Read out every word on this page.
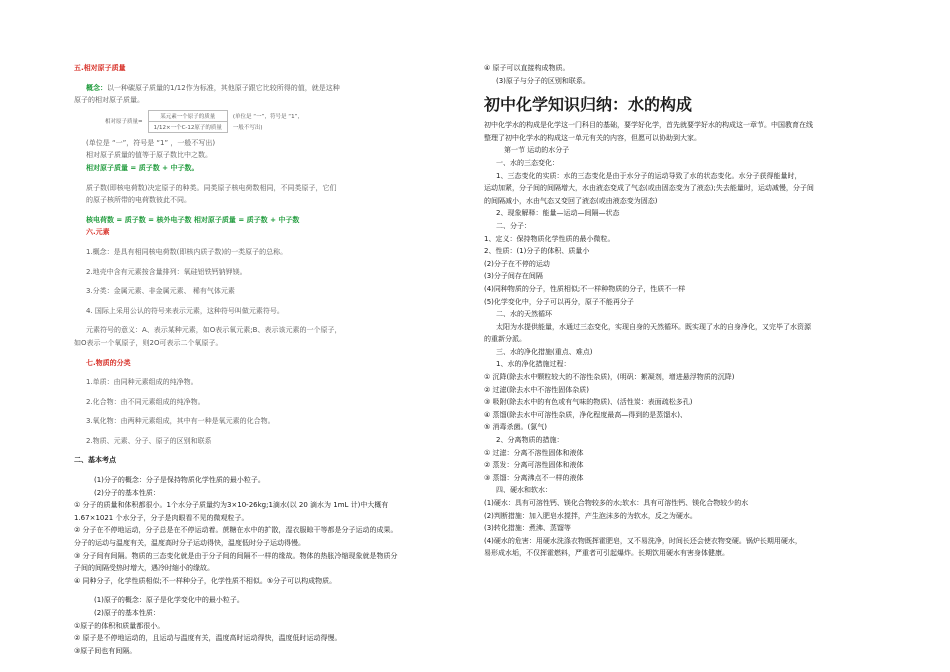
五.相对原子质量

概念：以一种碳原子质量的1/12作为标准，其他原子跟它比较所得的值，就是这种

原子的相对原子质量。

相对原子质量=	某元素一个原子的质量	(单位是 “一”，符号是 “1”，
	1/12×一个C-12原子的质量	一般不写出)

(单位是 “一”，符号是 “1” ，一般不写出)

相对原子质量的值等于原子数比中之数。

相对原子质量 = 质子数 + 中子数。

质子数(即核电荷数)决定原子的种类。同类原子核电荷数相同，不同类原子，它们

的原子核所带的电荷数彼此不同。

核电荷数 = 质子数 = 核外电子数 相对原子质量 = 质子数 + 中子数

六.元素

1.概念：是具有相同核电荷数(即核内质子数)的一类原子的总称。

2.地壳中含有元素按含量排列：氧硅铝铁钙钠钾镁。

3.分类：金属元素、非金属元素、 稀有气体元素

4. 国际上采用公认的符号来表示元素，这种符号叫做元素符号。

元素符号的意义：A、表示某种元素，如O表示氧元素;B、表示该元素的一个原子，

如O表示一个氧原子，则2O可表示二个氧原子。

七.物质的分类

1.单质：由同种元素组成的纯净物。

2.化合物：由不同元素组成的纯净物。

3.氧化物：由两种元素组成，其中有一种是氧元素的化合物。

2.物质、元素、分子、原子的区别和联系

二、基本考点

(1)分子的概念：分子是保持物质化学性质的最小粒子。

(2)分子的基本性质：

① 分子的质量和体积都很小。1个水分子质量约为3×10-26kg;1滴水(以 20 滴水为 1mL 计)中大概有

1.67×1021 个水分子，分子是肉眼看不见的微观粒子。

② 分子在不停地运动，分子总是在不停运动着。蔗糖在水中的扩散，湿衣服晾干等都是分子运动的成果。

分子的运动与温度有关，温度高时分子运动得快，温度低时分子运动得慢。

③ 分子间有间隔。物质的三态变化就是由于分子间的间隔不一样的缘故。物体的热胀冷缩现象就是物质分

子间的间隔受热时增大，遇冷时缩小的缘故。

④ 同种分子，化学性质相似;不一样种分子，化学性质不相似。⑤分子可以构成物质。

(1)原子的概念：原子是化学变化中的最小粒子。

(2)原子的基本性质：

①原子的体积和质量都很小。

② 原子是不停地运动的，且运动与温度有关，温度高时运动得快，温度低时运动得慢。

③原子间也有间隔。

④ 原子可以直接构成物质。

(3)原子与分子的区别和联系。

初中化学知识归纳：水的构成

初中化学水的构成是化学这一门科目的基础，要学好化学，首先就要学好水的构成这一章节。中国教育在线

整理了初中化学水的构成这一单元有关的内容，但愿可以协助到大家。

第一节 运动的水分子

一、水的三态变化：

1、三态变化的实质：水的三态变化是由于水分子的运动导致了水的状态变化。水分子获得能量时，

运动加紧，分子间的间隔增大，水由液态变成了气态(或由固态变为了液态);失去能量时，运动减慢，分子间

的间隔减小，水由气态又变回了液态(或由液态变为固态)

2、现象解释：能量—运动—间隔—状态

二、分子：

1、定义：保持物质化学性质的最小微粒。

2、性质：(1)分子的体积、质量小

(2)分子在不停的运动

(3)分子间存在间隔

(4)同种物质的分子，性质相似;不一样种物质的分子，性质不一样

(5)化学变化中，分子可以再分，原子不能再分子

二、水的天然循环

太阳为水提供能量，水通过三态变化，实现自身的天然循环。既实现了水的自身净化，又完毕了水资源

的重新分派。

三、水的净化措施(重点、难点)

1、水的净化措施过程：

① 沉降(除去水中颗粒较大的不溶性杂质)，(明矾：絮凝剂，增进悬浮物质的沉降)

② 过滤(除去水中不溶性固体杂质)

③ 吸附(除去水中的有色或有气味的物质)、(活性炭：表面疏松多孔)

④ 蒸馏(除去水中可溶性杂质，净化程度最高—得到的是蒸馏水)、

⑤ 消毒杀菌。(氯气)

2、分离物质的措施：

① 过滤：分离不溶性固体和液体

② 蒸发：分离可溶性固体和液体

③ 蒸馏：分离沸点不一样的液体

四、硬水和软水：

(1)硬水：具有可溶性钙、镁化合物较多的水;软水：具有可溶性钙、镁化合物较少的水

(2)判断措施：加入肥皂水搅拌，产生泡沫多的为软水，反之为硬水。

(3)转化措施：煮沸、蒸馏等

(4)硬水的危害：用硬水洗涤衣物既挥霍肥皂，又不易洗净，时间长还会使衣物变硬。锅炉长期用硬水，

易形成水垢，不仅挥霍燃料，严重者可引起爆炸。长期饮用硬水有害身体健康。
